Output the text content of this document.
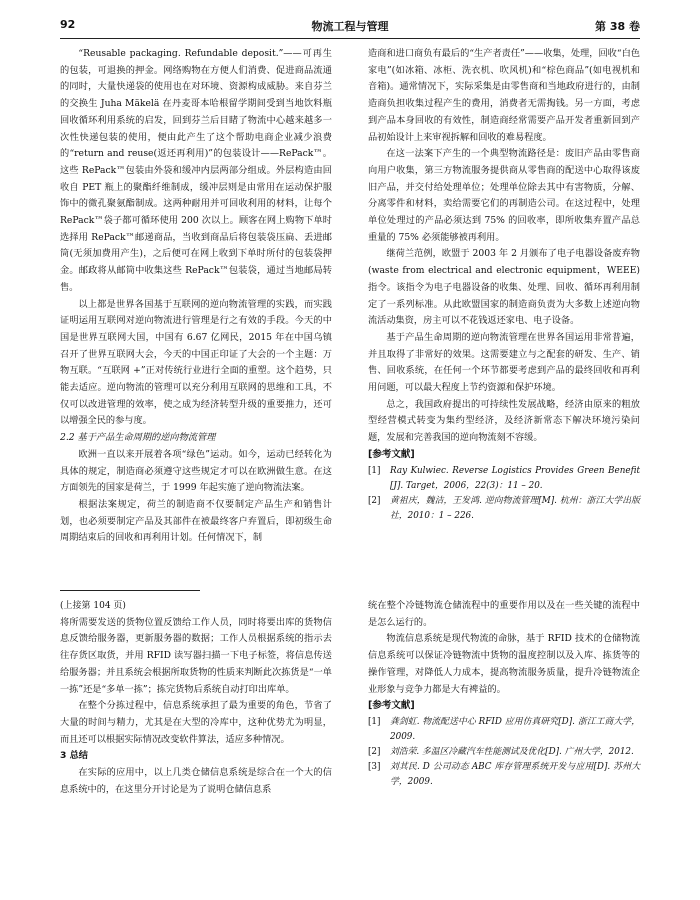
92	物流工程与管理	第 38 卷

“Reusable packaging. Refundable deposit.”——可再生的包装，可退换的押金。网络购物在方便人们消费、促进商品流通的同时，大量快递袋的使用也在对环境、资源构成威胁。来自芬兰的交换生 Juha Mäkelä 在丹麦哥本哈根留学期间受到当地饮料瓶回收循环利用系统的启发，回到芬兰后目睹了物流中心越来越多一次性快递包装的使用，便由此产生了这个帮助电商企业减少浪费的“return and reuse(返还再利用)”的包装设计——RePack™。这些 RePack™包装由外袋和缓冲内层两部分组成。外层构造由回收自 PET 瓶上的聚酯纤维制成，缓冲层则是由常用在运动保护服饰中的微孔聚氨酯制成。这两种耐用并可回收利用的材料，让每个 RePack™袋子都可循环使用 200 次以上。顾客在网上购物下单时选择用 RePack™邮递商品，当收到商品后将包装袋压扁、丢进邮筒(无须加费用产生)，之后便可在网上收到下单时所付的包装袋押金。邮政将从邮筒中收集这些 RePack™包装袋，通过当地邮局转售。

以上都是世界各国基于互联网的逆向物流管理的实践，而实践证明运用互联网对逆向物流进行管理是行之有效的手段。今天的中国是世界互联网大国，中国有 6.67 亿网民，2015 年在中国乌镇召开了世界互联网大会，今天的中国正印证了大会的一个主题：万物互联。“互联网 +”正对传统行业进行全面的重塑。这个趋势，只能去适应。逆向物流的管理可以充分利用互联网的思维和工具，不仅可以改进管理的效率，使之成为经济转型升级的重要推力，还可以增强全民的参与度。

2.2 基于产品生命周期的逆向物流管理

欧洲一直以来开展着各项“绿色”运动。如今，运动已经转化为具体的规定，制造商必须遵守这些规定才可以在欧洲做生意。在这方面领先的国家是荷兰，于 1999 年起实施了逆向物流法案。

根据法案规定，荷兰的制造商不仅要制定产品生产和销售计划，也必须要制定产品及其部件在被最终客户弃置后，即初级生命周期结束后的回收和再利用计划。任何情况下，制

造商和进口商负有最后的“生产者责任”——收集，处理，回收“白色家电”(如冰箱、冰柜、洗衣机、吹风机)和“棕色商品”(如电视机和音箱)。通常情况下，实际采集是由零售商和当地政府进行的，由制造商负担收集过程产生的费用，消费者无需掏钱。另一方面，考虑到产品本身回收的有效性，制造商经常需要产品开发者重新回到产品初始设计上来审视拆解和回收的难易程度。

在这一法案下产生的一个典型物流路径是：废旧产品由零售商向用户收集，第三方物流服务提供商从零售商的配送中心取得该废旧产品，并交付给处理单位；处理单位除去其中有害物质，分解、分离零件和材料，卖给需要它们的再制造公司。在这过程中，处理单位处理过的产品必须达到 75% 的回收率，即所收集弃置产品总重量的 75% 必须能够被再利用。

继荷兰范例，欧盟于 2003 年 2 月颁布了电子电器设备废弃物(waste from electrical and electronic equipment，WEEE)指令。该指令为电子电器设备的收集、处理、回收、循环再利用制定了一系列标准。从此欧盟国家的制造商负责为大多数上述逆向物流活动集资，房主可以不花钱返还家电、电子设备。

基于产品生命周期的逆向物流管理在世界各国运用非常普遍，并且取得了非常好的效果。这需要建立与之配套的研发、生产、销售、回收系统，在任何一个环节都要考虑到产品的最终回收和再利用问题，可以最大程度上节约资源和保护环境。

总之，我国政府提出的可持续性发展战略，经济由原来的粗放型经营模式转变为集约型经济，及经济新常态下解决环境污染问题，发展和完善我国的逆向物流刻不容缓。

[参考文献]

[1]	Ray Kulwiec. Reverse Logistics Provides Green Benefit [J]. Target，2006，22(3)：11 – 20.
[2]	黄祖庆，魏洁，王发鸿. 逆向物流管理[M]. 杭州：浙江大学出版社，2010：1 – 226.

(上接第 104 页)

将所需要发送的货物位置反馈给工作人员，同时将要出库的货物信息反馈给服务器，更新服务器的数据；工作人员根据系统的指示去往存货区取货，并用 RFID 读写器扫描一下电子标签，将信息传送给服务器；并且系统会根据所取货物的性质来判断此次拣货是“一单一拣”还是“多单一拣”；拣完货物后系统自动打印出库单。

在整个分拣过程中，信息系统承担了最为重要的角色，节省了大量的时间与精力，尤其是在大型的冷库中，这种优势尤为明显，而且还可以根据实际情况改变软件算法，适应多种情况。

3 总结

在实际的应用中，以上几类仓储信息系统是综合在一个大的信息系统中的，在这里分开讨论是为了说明仓储信息系

统在整个冷链物流仓储流程中的重要作用以及在一些关键的流程中是怎么运行的。

物流信息系统是现代物流的命脉，基于 RFID 技术的仓储物流信息系统可以保证冷链物流中货物的温度控制以及入库、拣货等的操作管理，对降低人力成本，提高物流服务质量，提升冷链物流企业形象与竞争力都是大有裨益的。

[参考文献]

[1]	龚剑虹. 物流配送中心 RFID 应用仿真研究[D]. 浙江工商大学，2009.
[2]	刘浩荣. 多温区冷藏汽车性能测试及优化[D]. 广州大学，2012.
[3]	刘其民. D 公司动态 ABC 库存管理系统开发与应用[D]. 苏州大学，2009.
